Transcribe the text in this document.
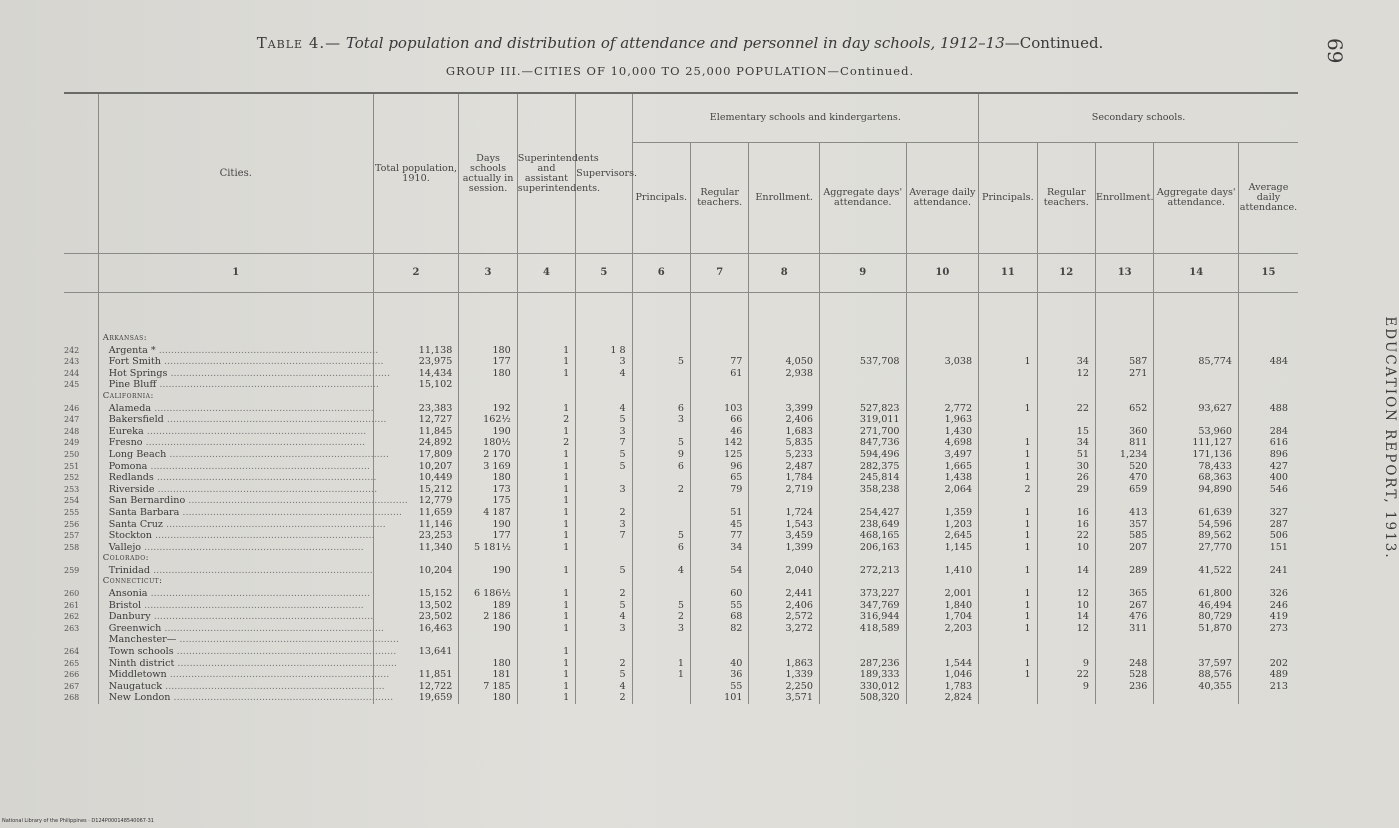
Table 4.— Total population and distribution of attendance and personnel in day schools, 1912–13—Continued.
GROUP III.—CITIES OF 10,000 TO 25,000 POPULATION—Continued.
69
EDUCATION REPORT, 1913.
	Cities.	Total population, 1910.	Days schools actually in session.	Superintendents and assistant superintendents.	Supervisors.	Elementary schools and kindergartens.					Secondary schools.				
						Principals.	Regular teachers.	Enrollment.	Aggregate days' attendance.	Average daily attendance.	Principals.	Regular teachers.	Enrollment.	Aggregate days' attendance.	Average daily attendance.
	1	2	3	4	5	6	7	8	9	10	11	12	13	14	15

	Arkansas:														
242	Argenta * ........................................................................	11,138	180	1	1 8										
243	Fort Smith ........................................................................	23,975	177	1	3	5	77	4,050	537,708	3,038	1	34	587	85,774	484
244	Hot Springs ........................................................................	14,434	180	1	4		61	2,938				12	271		
245	Pine Bluff ........................................................................	15,102													
	California:														
246	Alameda ........................................................................	23,383	192	1	4	6	103	3,399	527,823	2,772	1	22	652	93,627	488
247	Bakersfield ........................................................................	12,727	162½	2	5	3	66	2,406	319,011	1,963					
248	Eureka ........................................................................	11,845	190	1	3		46	1,683	271,700	1,430		15	360	53,960	284
249	Fresno ........................................................................	24,892	180½	2	7	5	142	5,835	847,736	4,698	1	34	811	111,127	616
250	Long Beach ........................................................................	17,809	2 170	1	5	9	125	5,233	594,496	3,497	1	51	1,234	171,136	896
251	Pomona ........................................................................	10,207	3 169	1	5	6	96	2,487	282,375	1,665	1	30	520	78,433	427
252	Redlands ........................................................................	10,449	180	1			65	1,784	245,814	1,438	1	26	470	68,363	400
253	Riverside ........................................................................	15,212	173	1	3	2	79	2,719	358,238	2,064	2	29	659	94,890	546
254	San Bernardino ........................................................................	12,779	175	1											
255	Santa Barbara ........................................................................	11,659	4 187	1	2		51	1,724	254,427	1,359	1	16	413	61,639	327
256	Santa Cruz ........................................................................	11,146	190	1	3		45	1,543	238,649	1,203	1	16	357	54,596	287
257	Stockton ........................................................................	23,253	177	1	7	5	77	3,459	468,165	2,645	1	22	585	89,562	506
258	Vallejo ........................................................................	11,340	5 181½	1		6	34	1,399	206,163	1,145	1	10	207	27,770	151
	Colorado:														
259	Trinidad ........................................................................	10,204	190	1	5	4	54	2,040	272,213	1,410	1	14	289	41,522	241
	Connecticut:														
260	Ansonia ........................................................................	15,152	6 186½	1	2		60	2,441	373,227	2,001	1	12	365	61,800	326
261	Bristol ........................................................................	13,502	189	1	5	5	55	2,406	347,769	1,840	1	10	267	46,494	246
262	Danbury ........................................................................	23,502	2 186	1	4	2	68	2,572	316,944	1,704	1	14	476	80,729	419
263	Greenwich ........................................................................	16,463	190	1	3	3	82	3,272	418,589	2,203	1	12	311	51,870	273
	Manchester— ........................................................................														
264	Town schools ........................................................................	13,641		1											
265	Ninth district ........................................................................		180	1	2	1	40	1,863	287,236	1,544	1	9	248	37,597	202
266	Middletown ........................................................................	11,851	181	1	5	1	36	1,339	189,333	1,046	1	22	528	88,576	489
267	Naugatuck ........................................................................	12,722	7 185	1	4		55	2,250	330,012	1,783		9	236	40,355	213
268	New London ........................................................................	19,659	180	1	2		101	3,571	508,320	2,824					
National Library of the Philippines · D124P000148540067·31
